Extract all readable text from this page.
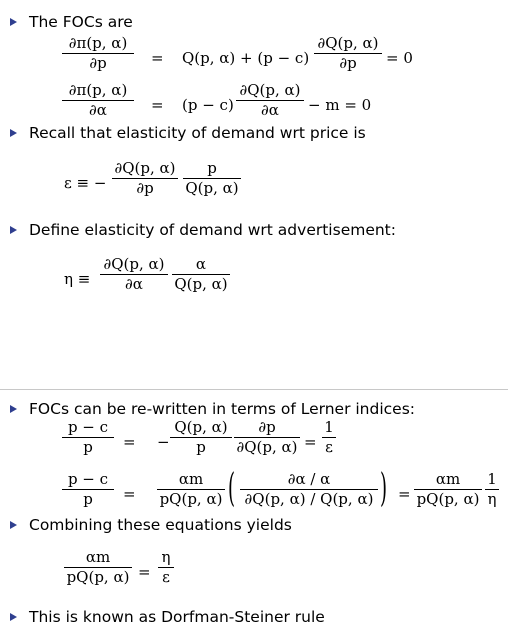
The FOCs are
∂π(p, α)
∂p	= Q(p, α) + (p − c)
∂Q(p, α)
∂p	= 0
∂π(p, α)
∂α	= (p − c)
∂Q(p, α)
∂α	− m = 0
Recall that elasticity of demand wrt price is
ε ≡ −
∂Q(p, α)
∂p
p
Q(p, α)
Define elasticity of demand wrt advertisement:
η ≡
∂Q(p, α)
∂α
α
Q(p, α)
FOCs can be re-written in terms of Lerner indices:
p − c
p	= −
Q(p, α)
p
∂p
∂Q(p, α) =
1
ε
p − c
p	=
αm
pQ(p, α) (	∂α / α
∂Q(p, α) / Q(p, α) ) =
αm
pQ(p, α)
1
η
Combining these equations yields
αm
pQ(p, α) =
η
ε
This is known as Dorfman-Steiner rule
